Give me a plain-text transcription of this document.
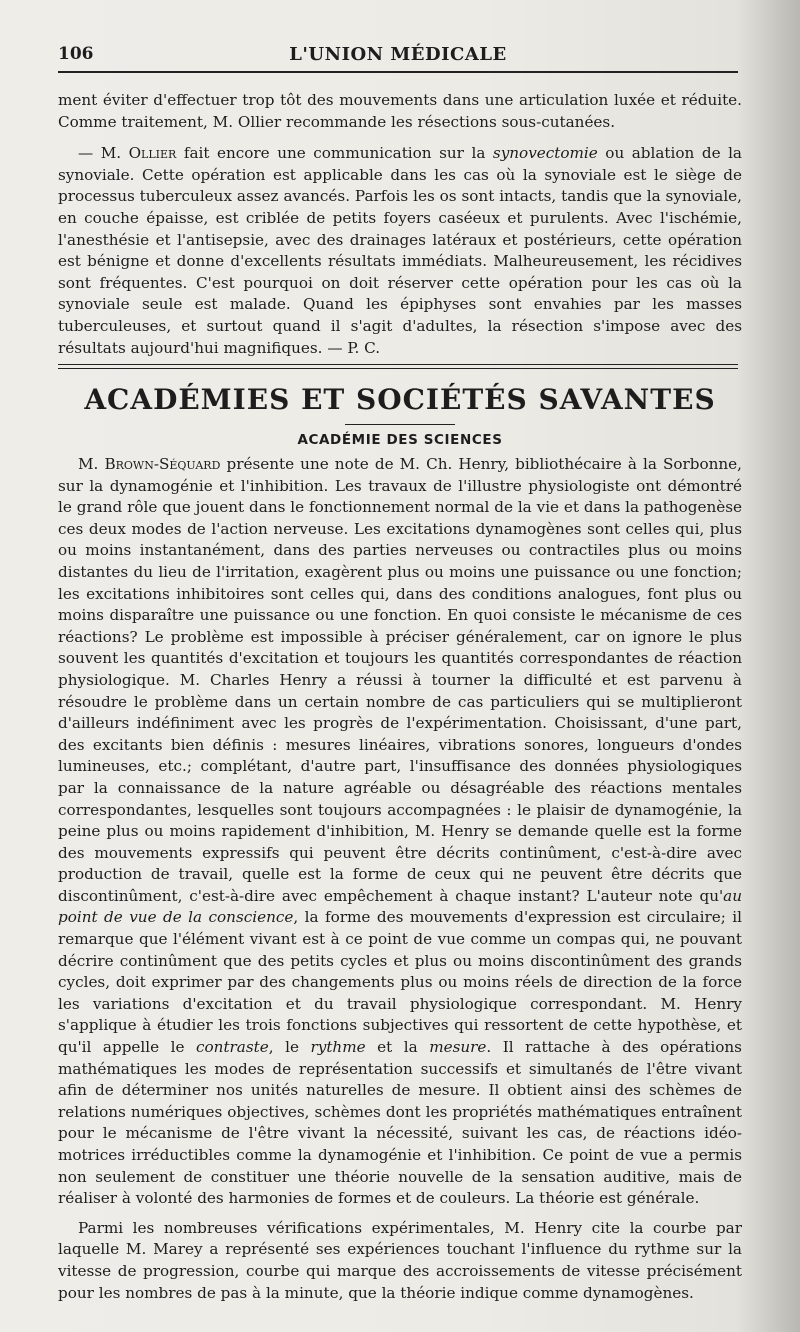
106	L'UNION MÉDICALE

ment éviter d'effectuer trop tôt des mouvements dans une articulation luxée et réduite. Comme traitement, M. Ollier recommande les résections sous-cutanées.

— M. Ollier fait encore une communication sur la synovectomie ou ablation de la synoviale. Cette opération est applicable dans les cas où la synoviale est le siège de processus tuberculeux assez avancés. Parfois les os sont intacts, tandis que la synoviale, en couche épaisse, est criblée de petits foyers caséeux et purulents. Avec l'ischémie, l'anesthésie et l'antisepsie, avec des drainages latéraux et postérieurs, cette opération est bénigne et donne d'excellents résultats immédiats. Malheureusement, les récidives sont fréquentes. C'est pourquoi on doit réserver cette opération pour les cas où la synoviale seule est malade. Quand les épiphyses sont envahies par les masses tuberculeuses, et surtout quand il s'agit d'adultes, la résection s'impose avec des résultats aujourd'hui magnifiques. — P. C.

ACADÉMIES ET SOCIÉTÉS SAVANTES
ACADÉMIE DES SCIENCES

M. Brown-Séquard présente une note de M. Ch. Henry, bibliothécaire à la Sorbonne, sur la dynamogénie et l'inhibition. Les travaux de l'illustre physiologiste ont démontré le grand rôle que jouent dans le fonctionnement normal de la vie et dans la pathogenèse ces deux modes de l'action nerveuse. Les excitations dynamogènes sont celles qui, plus ou moins instantanément, dans des parties nerveuses ou contractiles plus ou moins distantes du lieu de l'irritation, exagèrent plus ou moins une puissance ou une fonction; les excitations inhibitoires sont celles qui, dans des conditions analogues, font plus ou moins disparaître une puissance ou une fonction. En quoi consiste le mécanisme de ces réactions? Le problème est impossible à préciser généralement, car on ignore le plus souvent les quantités d'excitation et toujours les quantités correspondantes de réaction physiologique. M. Charles Henry a réussi à tourner la difficulté et est parvenu à résoudre le problème dans un certain nombre de cas particuliers qui se multiplieront d'ailleurs indéfiniment avec les progrès de l'expérimentation. Choisissant, d'une part, des excitants bien définis : mesures linéaires, vibrations sonores, longueurs d'ondes lumineuses, etc.; complétant, d'autre part, l'insuffisance des données physiologiques par la connaissance de la nature agréable ou désagréable des réactions mentales correspondantes, lesquelles sont toujours accompagnées : le plaisir de dynamogénie, la peine plus ou moins rapidement d'inhibition, M. Henry se demande quelle est la forme des mouvements expressifs qui peuvent être décrits continûment, c'est-à-dire avec production de travail, quelle est la forme de ceux qui ne peuvent être décrits que discontinûment, c'est-à-dire avec empêchement à chaque instant? L'auteur note qu'au point de vue de la conscience, la forme des mouvements d'expression est circulaire; il remarque que l'élément vivant est à ce point de vue comme un compas qui, ne pouvant décrire continûment que des petits cycles et plus ou moins discontinûment des grands cycles, doit exprimer par des changements plus ou moins réels de direction de la force les variations d'excitation et du travail physiologique correspondant. M. Henry s'applique à étudier les trois fonctions subjectives qui ressortent de cette hypothèse, et qu'il appelle le contraste, le rythme et la mesure. Il rattache à des opérations mathématiques les modes de représentation successifs et simultanés de l'être vivant afin de déterminer nos unités naturelles de mesure. Il obtient ainsi des schèmes de relations numériques objectives, schèmes dont les propriétés mathématiques entraînent pour le mécanisme de l'être vivant la nécessité, suivant les cas, de réactions idéo-motrices irréductibles comme la dynamogénie et l'inhibition. Ce point de vue a permis non seulement de constituer une théorie nouvelle de la sensation auditive, mais de réaliser à volonté des harmonies de formes et de couleurs. La théorie est générale.

Parmi les nombreuses vérifications expérimentales, M. Henry cite la courbe par laquelle M. Marey a représenté ses expériences touchant l'influence du rythme sur la vitesse de progression, courbe qui marque des accroissements de vitesse précisément pour les nombres de pas à la minute, que la théorie indique comme dynamogènes.
